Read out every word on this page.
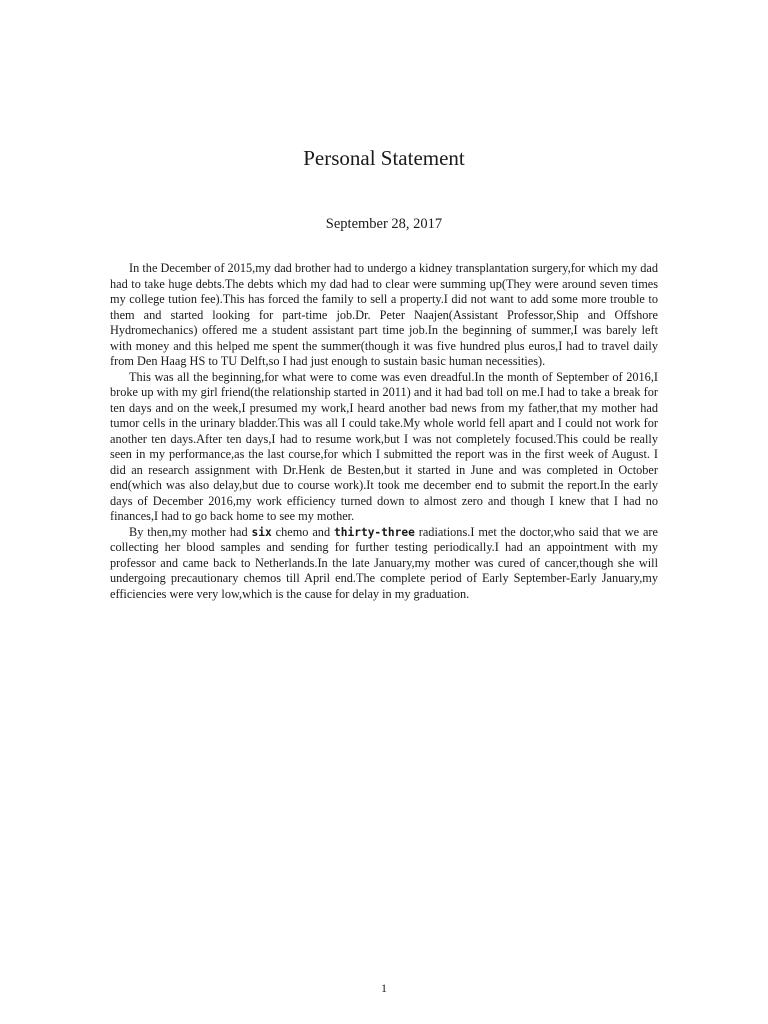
Personal Statement
September 28, 2017

In the December of 2015,my dad brother had to undergo a kidney transplantation surgery,for which my dad had to take huge debts.The debts which my dad had to clear were summing up(They were around seven times my college tution fee).This has forced the family to sell a property.I did not want to add some more trouble to them and started looking for part-time job.Dr. Peter Naajen(Assistant Professor,Ship and Offshore Hydromechanics) offered me a student assistant part time job.In the beginning of summer,I was barely left with money and this helped me spent the summer(though it was five hundred plus euros,I had to travel daily from Den Haag HS to TU Delft,so I had just enough to sustain basic human necessities).

This was all the beginning,for what were to come was even dreadful.In the month of September of 2016,I broke up with my girl friend(the relationship started in 2011) and it had bad toll on me.I had to take a break for ten days and on the week,I presumed my work,I heard another bad news from my father,that my mother had tumor cells in the urinary bladder.This was all I could take.My whole world fell apart and I could not work for another ten days.After ten days,I had to resume work,but I was not completely focused.This could be really seen in my performance,as the last course,for which I submitted the report was in the first week of August. I did an research assignment with Dr.Henk de Besten,but it started in June and was completed in October end(which was also delay,but due to course work).It took me december end to submit the report.In the early days of December 2016,my work efficiency turned down to almost zero and though I knew that I had no finances,I had to go back home to see my mother.

By then,my mother had six chemo and thirty-three radiations.I met the doctor,who said that we are collecting her blood samples and sending for further testing periodically.I had an appointment with my professor and came back to Netherlands.In the late January,my mother was cured of cancer,though she will undergoing precautionary chemos till April end.The complete period of Early September-Early January,my efficiencies were very low,which is the cause for delay in my graduation.

1
